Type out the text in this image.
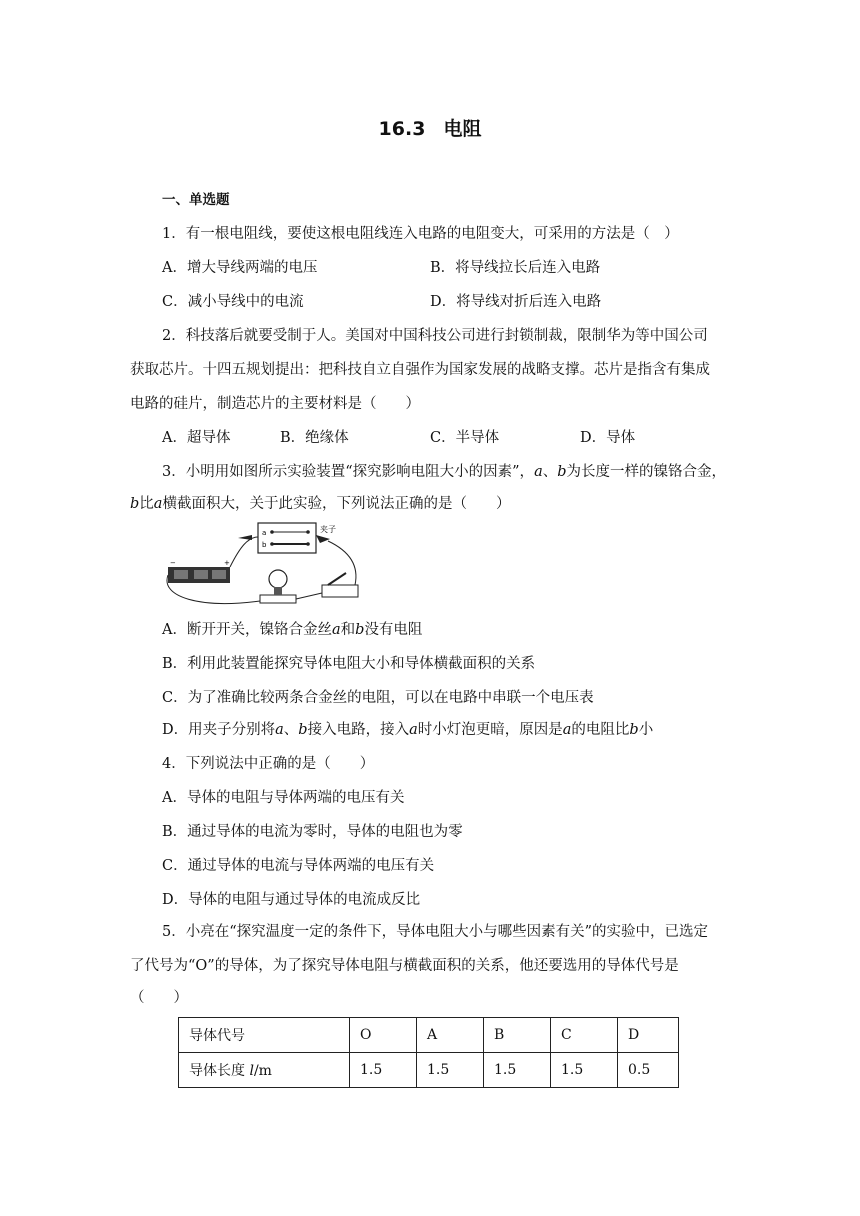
16.3 电阻
一、单选题
1．有一根电阻线，要使这根电阻线连入电路的电阻变大，可采用的方法是（　）
A．增大导线两端的电压	B．将导线拉长后连入电路
C．减小导线中的电流	D．将导线对折后连入电路
2．科技落后就要受制于人。美国对中国科技公司进行封锁制裁，限制华为等中国公司
获取芯片。十四五规划提出：把科技自立自强作为国家发展的战略支撑。芯片是指含有集成
电路的硅片，制造芯片的主要材料是（　　）
A．超导体	B．绝缘体	C．半导体	D．导体
3．小明用如图所示实验装置“探究影响电阻大小的因素”，a、b为长度一样的镍铬合金，
b比a横截面积大，关于此实验，下列说法正确的是（　　）
a
b
夹子
−	+
A．断开开关，镍铬合金丝a和b没有电阻
B．利用此装置能探究导体电阻大小和导体横截面积的关系
C．为了准确比较两条合金丝的电阻，可以在电路中串联一个电压表
D．用夹子分别将a、b接入电路，接入a时小灯泡更暗，原因是a的电阻比b小
4．下列说法中正确的是（　　）
A．导体的电阻与导体两端的电压有关
B．通过导体的电流为零时，导体的电阻也为零
C．通过导体的电流与导体两端的电压有关
D．导体的电阻与通过导体的电流成反比
5．小亮在“探究温度一定的条件下，导体电阻大小与哪些因素有关”的实验中，已选定
了代号为“O”的导体，为了探究导体电阻与横截面积的关系，他还要选用的导体代号是
（　　）
导体代号	O	A	B	C	D
导体长度 l/m	1.5	1.5	1.5	1.5	0.5
